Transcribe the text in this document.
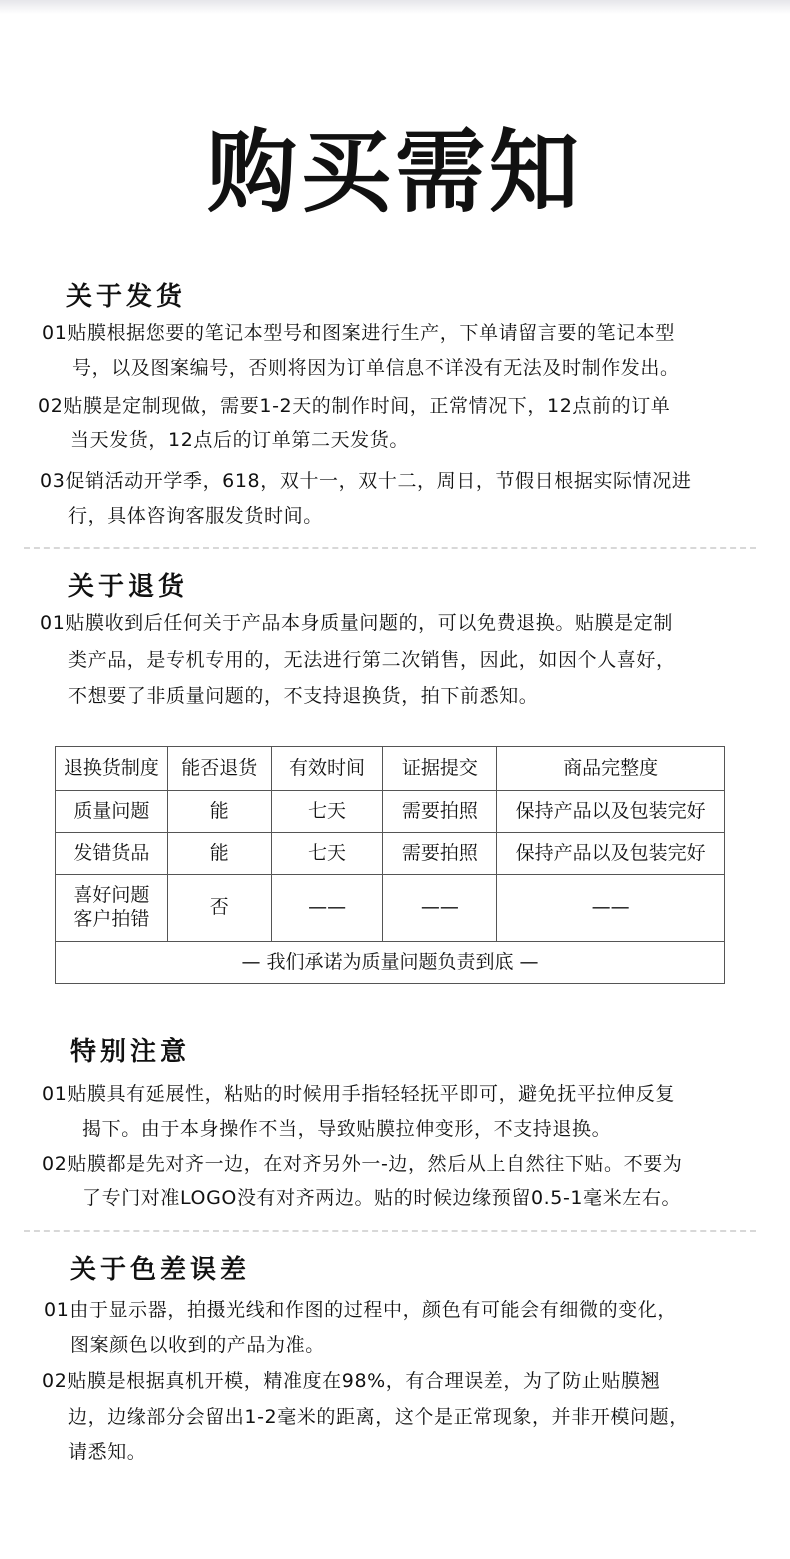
购买需知
关于发货
01贴膜根据您要的笔记本型号和图案进行生产，下单请留言要的笔记本型
号，以及图案编号，否则将因为订单信息不详没有无法及时制作发出。
02贴膜是定制现做，需要1-2天的制作时间，正常情况下，12点前的订单
当天发货，12点后的订单第二天发货。
03促销活动开学季，618，双十一，双十二，周日，节假日根据实际情况进
行，具体咨询客服发货时间。
关于退货
01贴膜收到后任何关于产品本身质量问题的，可以免费退换。贴膜是定制
类产品，是专机专用的，无法进行第二次销售，因此，如因个人喜好，
不想要了非质量问题的，不支持退换货，拍下前悉知。
退换货制度	能否退货	有效时间	证据提交	商品完整度
质量问题	能	七天	需要拍照	保持产品以及包装完好
发错货品	能	七天	需要拍照	保持产品以及包装完好

喜好问题
客户拍错	否	——	——	——
— 我们承诺为质量问题负责到底 —				
特别注意
01贴膜具有延展性，粘贴的时候用手指轻轻抚平即可，避免抚平拉伸反复
揭下。由于本身操作不当，导致贴膜拉伸变形，不支持退换。
02贴膜都是先对齐一边，在对齐另外一-边，然后从上自然往下贴。不要为
了专门对准LOGO没有对齐两边。贴的时候边缘预留0.5-1毫米左右。
关于色差误差
01由于显示器，拍摄光线和作图的过程中，颜色有可能会有细微的变化，
图案颜色以收到的产品为准。
02贴膜是根据真机开模，精准度在98%，有合理误差，为了防止贴膜翘
边，边缘部分会留出1-2毫米的距离，这个是正常现象，并非开模问题，
请悉知。
